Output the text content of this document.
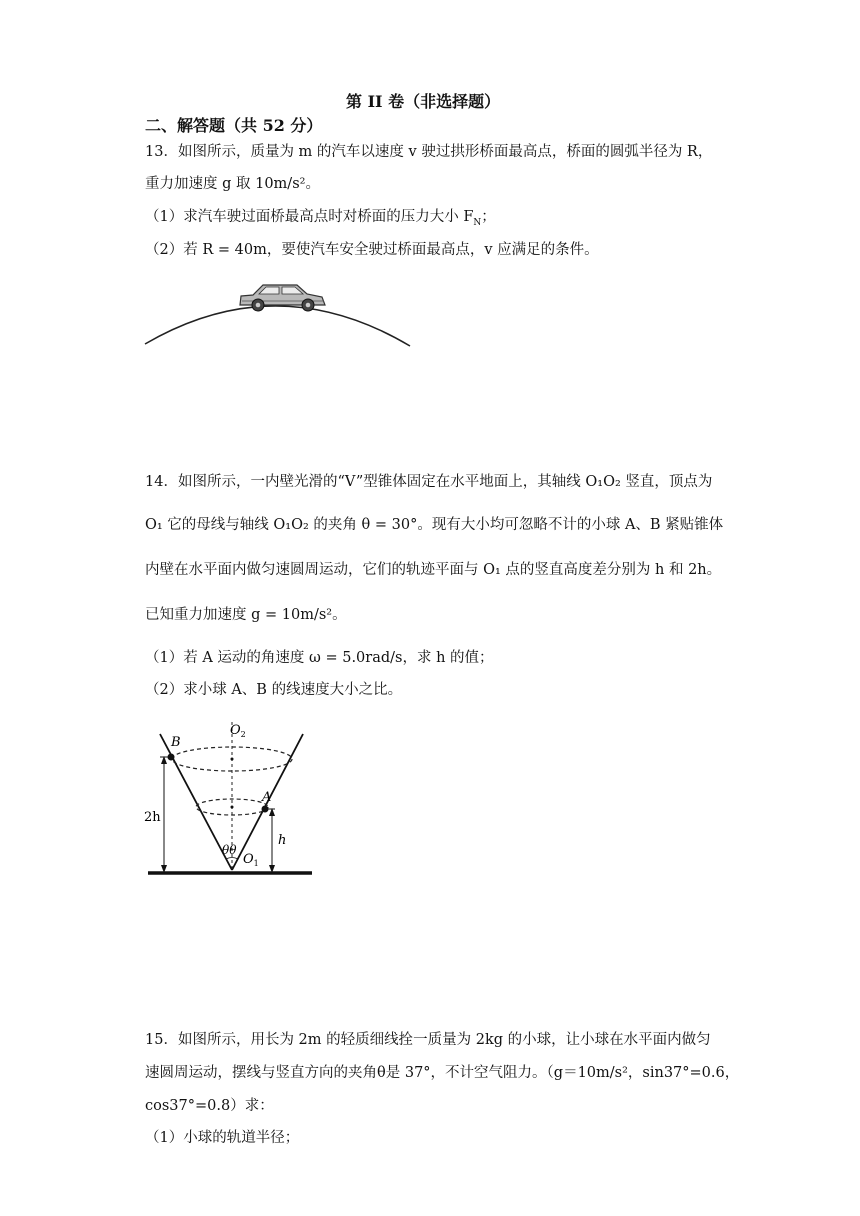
第 II 卷（非选择题）
二、解答题（共 52 分）
13．如图所示，质量为 m 的汽车以速度 v 驶过拱形桥面最高点，桥面的圆弧半径为 R，
重力加速度 g 取 10m/s²。
（1）求汽车驶过面桥最高点时对桥面的压力大小 $F_N$；
（2）若 R = 40m，要使汽车安全驶过桥面最高点，v 应满足的条件。
14．如图所示，一内壁光滑的“V”型锥体固定在水平地面上，其轴线 O₁O₂ 竖直，顶点为
O₁ 它的母线与轴线 O₁O₂ 的夹角 θ = 30°。现有大小均可忽略不计的小球 A、B 紧贴锥体
内壁在水平面内做匀速圆周运动，它们的轨迹平面与 O₁ 点的竖直高度差分别为 h 和 2h。
已知重力加速度 g = 10m/s²。
（1）若 A 运动的角速度 ω = 5.0rad/s，求 h 的值；
（2）求小球 A、B 的线速度大小之比。
$O_2$
B
A
2h
h
θθ
$O_1$
15．如图所示，用长为 2m 的轻质细线拴一质量为 2kg 的小球，让小球在水平面内做匀
速圆周运动，摆线与竖直方向的夹角θ是 37°，不计空气阻力。（g＝10m/s²，sin37°=0.6，
cos37°=0.8）求：
（1）小球的轨道半径；
